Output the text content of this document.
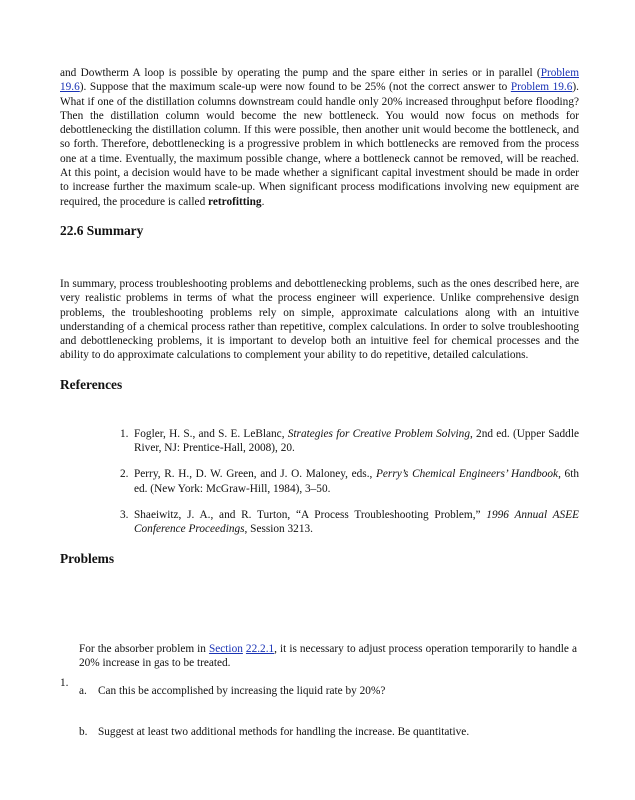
and Dowtherm A loop is possible by operating the pump and the spare either in series or in parallel (Problem 19.6). Suppose that the maximum scale-up were now found to be 25% (not the correct answer to Problem 19.6). What if one of the distillation columns downstream could handle only 20% increased throughput before flooding? Then the distillation column would become the new bottleneck. You would now focus on methods for debottlenecking the distillation column. If this were possible, then another unit would become the bottleneck, and so forth. Therefore, debottlenecking is a progressive problem in which bottlenecks are removed from the process one at a time. Eventually, the maximum possible change, where a bottleneck cannot be removed, will be reached. At this point, a decision would have to be made whether a significant capital investment should be made in order to increase further the maximum scale-up. When significant process modifications involving new equipment are required, the procedure is called retrofitting.

22.6 Summary

In summary, process troubleshooting problems and debottlenecking problems, such as the ones described here, are very realistic problems in terms of what the process engineer will experience. Unlike comprehensive design problems, the troubleshooting problems rely on simple, approximate calculations along with an intuitive understanding of a chemical process rather than repetitive, complex calculations. In order to solve troubleshooting and debottlenecking problems, it is important to develop both an intuitive feel for chemical processes and the ability to do approximate calculations to complement your ability to do repetitive, detailed calculations.

References
1. Fogler, H. S., and S. E. LeBlanc, Strategies for Creative Problem Solving, 2nd ed. (Upper Saddle River, NJ: Prentice-Hall, 2008), 20.
2. Perry, R. H., D. W. Green, and J. O. Maloney, eds., Perry’s Chemical Engineers’ Handbook, 6th ed. (New York: McGraw-Hill, 1984), 3–50.
3. Shaeiwitz, J. A., and R. Turton, “A Process Troubleshooting Problem,” 1996 Annual ASEE Conference Proceedings, Session 3213.
Problems
1.
For the absorber problem in Section 22.2.1, it is necessary to adjust process operation temporarily to handle a 20% increase in gas to be treated.
a. Can this be accomplished by increasing the liquid rate by 20%?
b. Suggest at least two additional methods for handling the increase. Be quantitative.
